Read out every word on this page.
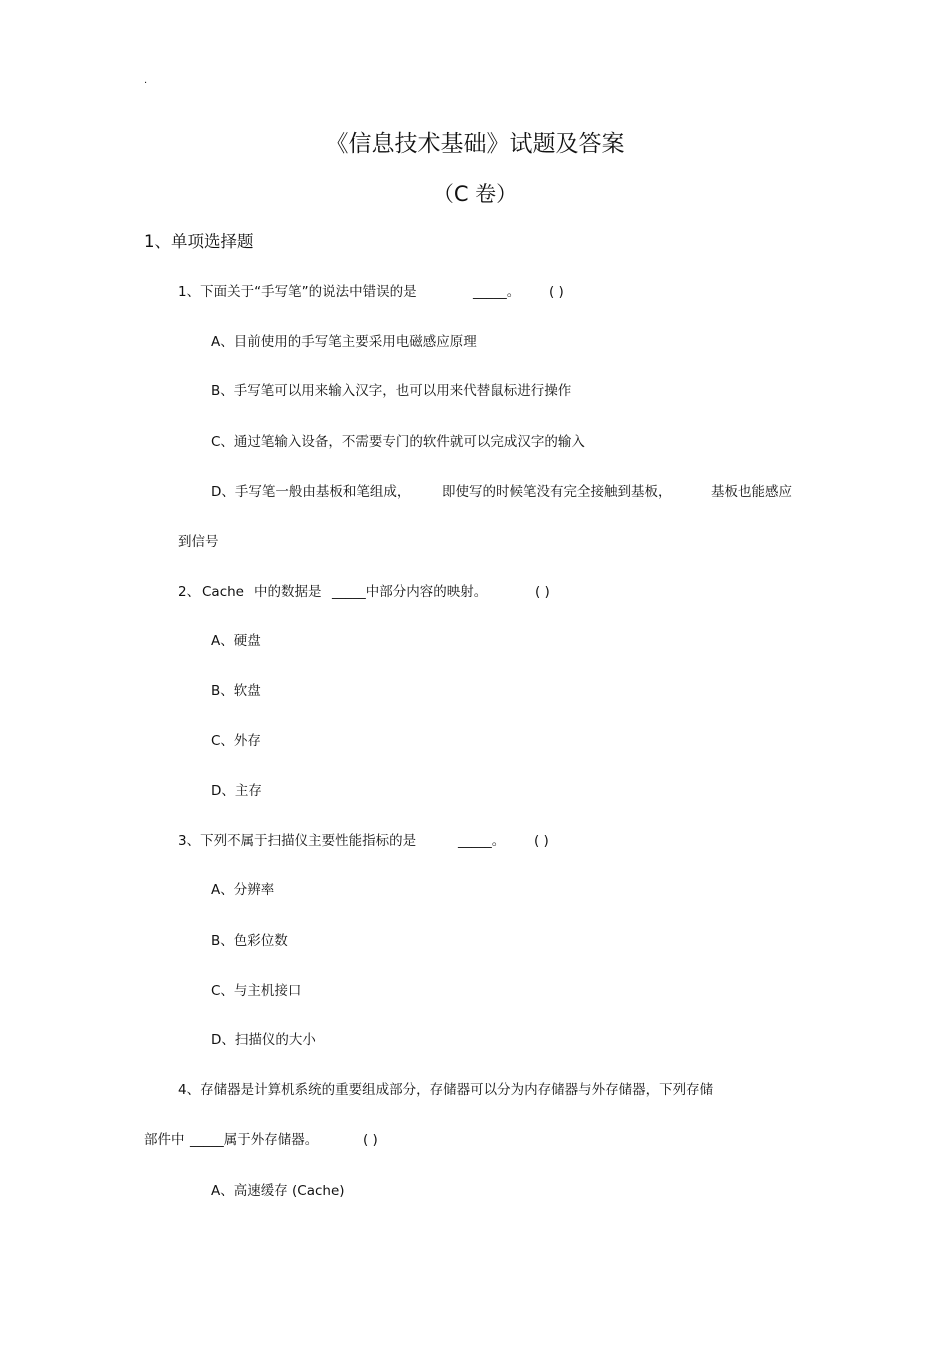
.
《信息技术基础》试题及答案
（C 卷）
1、单项选择题
1、下面关于“手写笔”的说法中错误的是	_____。 ( )
A、目前使用的手写笔主要采用电磁感应原理
B、手写笔可以用来输入汉字，也可以用来代替鼠标进行操作
C、通过笔输入设备，不需要专门的软件就可以完成汉字的输入
D、手写笔一般由基板和笔组成， 即使写的时候笔没有完全接触到基板，	基板也能感应
到信号
2、 Cache 中的数据是 _____中部分内容的映射。	( )
A、硬盘
B、软盘
C、外存
D、主存
3、下列不属于扫描仪主要性能指标的是	_____。 ( )
A、分辨率
B、色彩位数
C、与主机接口
D、扫描仪的大小
4、存储器是计算机系统的重要组成部分，存储器可以分为内存储器与外存储器，下列存储
部件中 _____属于外存储器。	( )
A、高速缓存 (Cache)
